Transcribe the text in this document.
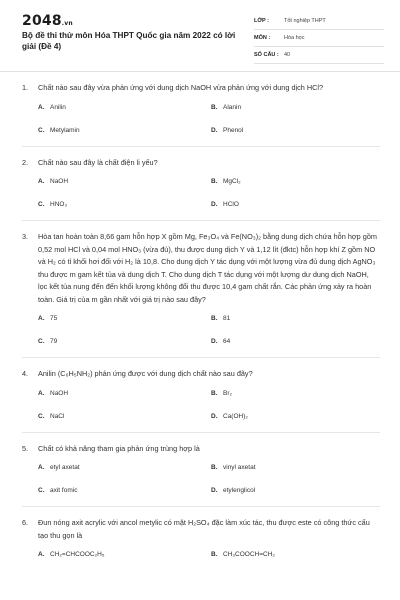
2048.vn
Bộ đề thi thử môn Hóa THPT Quốc gia năm 2022 có lời giải (Đề 4)
LỚP :	Tốt nghiệp THPT
MÔN :	Hóa học
SỐ CÂU : 40
1.	Chất nào sau đây vừa phản ứng với dung dịch NaOH vừa phản ứng với dung dịch HCl?
A. Anilin	B. Alanin
C. Metylamin	D. Phenol
2.	Chất nào sau đây là chất điện li yếu?
A. NaOH	B. MgCl₂
C. HNO₃	D. HClO
3.	Hòa tan hoàn toàn 8,66 gam hỗn hợp X gồm Mg, Fe₃O₄ và Fe(NO₃)₂ bằng dung dịch chứa hỗn hợp gồm 0,52 mol HCl và 0,04 mol HNO₃ (vừa đủ), thu được dung dịch Y và 1,12 lít (đktc) hỗn hợp khí Z gồm NO và H₂ có tỉ khối hơi đối với H₂ là 10,8. Cho dung dịch Y tác dụng với một lượng vừa đủ dung dịch AgNO₃ thu được m gam kết tủa và dung dịch T. Cho dung dịch T tác dụng với một lượng dư dung dịch NaOH, lọc kết tủa nung đến đến khối lượng không đổi thu được 10,4 gam chất rắn. Các phản ứng xảy ra hoàn toàn. Giá trị của m gần nhất với giá trị nào sau đây?
A. 75	B. 81
C. 79	D. 64
4.	Anilin (C₆H₅NH₂) phản ứng được với dung dịch chất nào sau đây?
A. NaOH	B. Br₂
C. NaCl	D. Ca(OH)₂
5.	Chất có khả năng tham gia phản ứng trùng hợp là
A. etyl axetat	B. vinyl axetat
C. axit fomic	D. etylenglicol
6.	Đun nóng axit acrylic với ancol metylic có mặt H₂SO₄ đặc làm xúc tác, thu được este có công thức cấu tạo thu gọn là
A. CH₂=CHCOOC₂H₅	B. CH₃COOCH=CH₂
